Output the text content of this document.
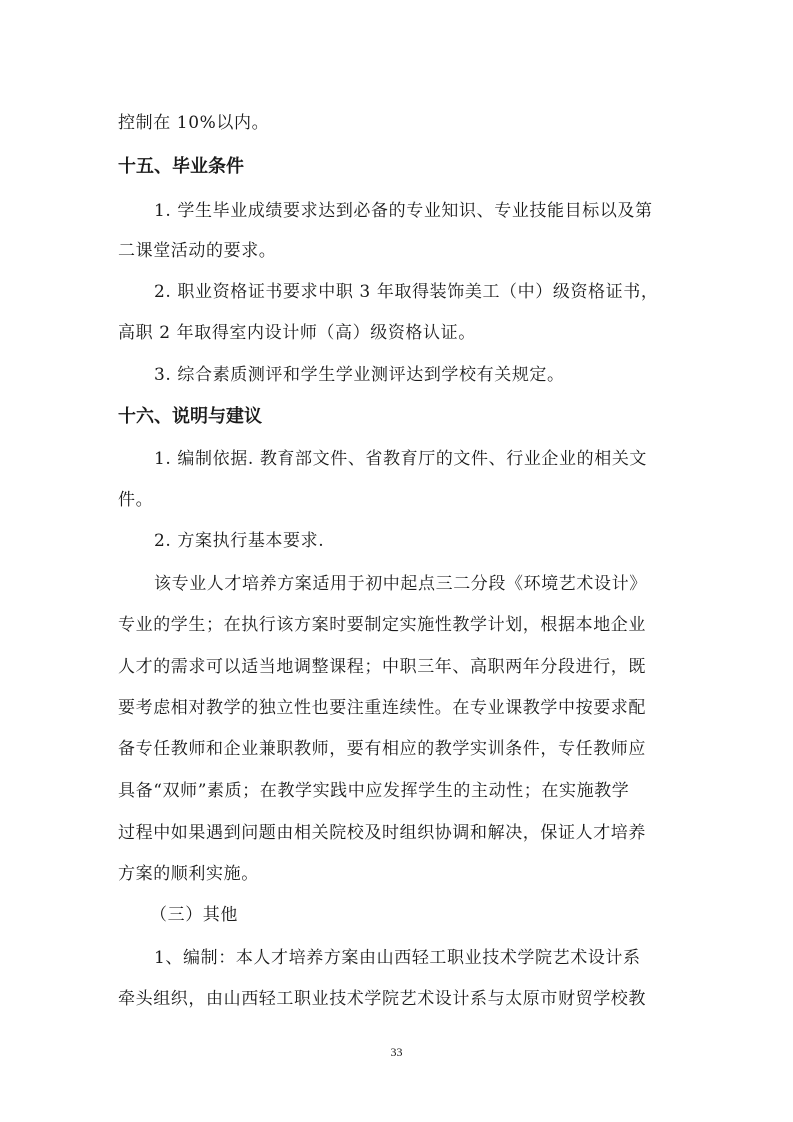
控制在 10%以内。
十五、毕业条件
1. 学生毕业成绩要求达到必备的专业知识、专业技能目标以及第
二课堂活动的要求。
2. 职业资格证书要求中职 3 年取得装饰美工（中）级资格证书，
高职 2 年取得室内设计师（高）级资格认证。
3. 综合素质测评和学生学业测评达到学校有关规定。
十六、说明与建议
1. 编制依据. 教育部文件、省教育厅的文件、行业企业的相关文
件。
2. 方案执行基本要求.
该专业人才培养方案适用于初中起点三二分段《环境艺术设计》
专业的学生；在执行该方案时要制定实施性教学计划，根据本地企业
人才的需求可以适当地调整课程；中职三年、高职两年分段进行，既
要考虑相对教学的独立性也要注重连续性。在专业课教学中按要求配
备专任教师和企业兼职教师，要有相应的教学实训条件，专任教师应
具备“双师”素质；在教学实践中应发挥学生的主动性；在实施教学
过程中如果遇到问题由相关院校及时组织协调和解决，保证人才培养
方案的顺利实施。
（三）其他
1、编制：本人才培养方案由山西轻工职业技术学院艺术设计系
牵头组织，由山西轻工职业技术学院艺术设计系与太原市财贸学校教
33
